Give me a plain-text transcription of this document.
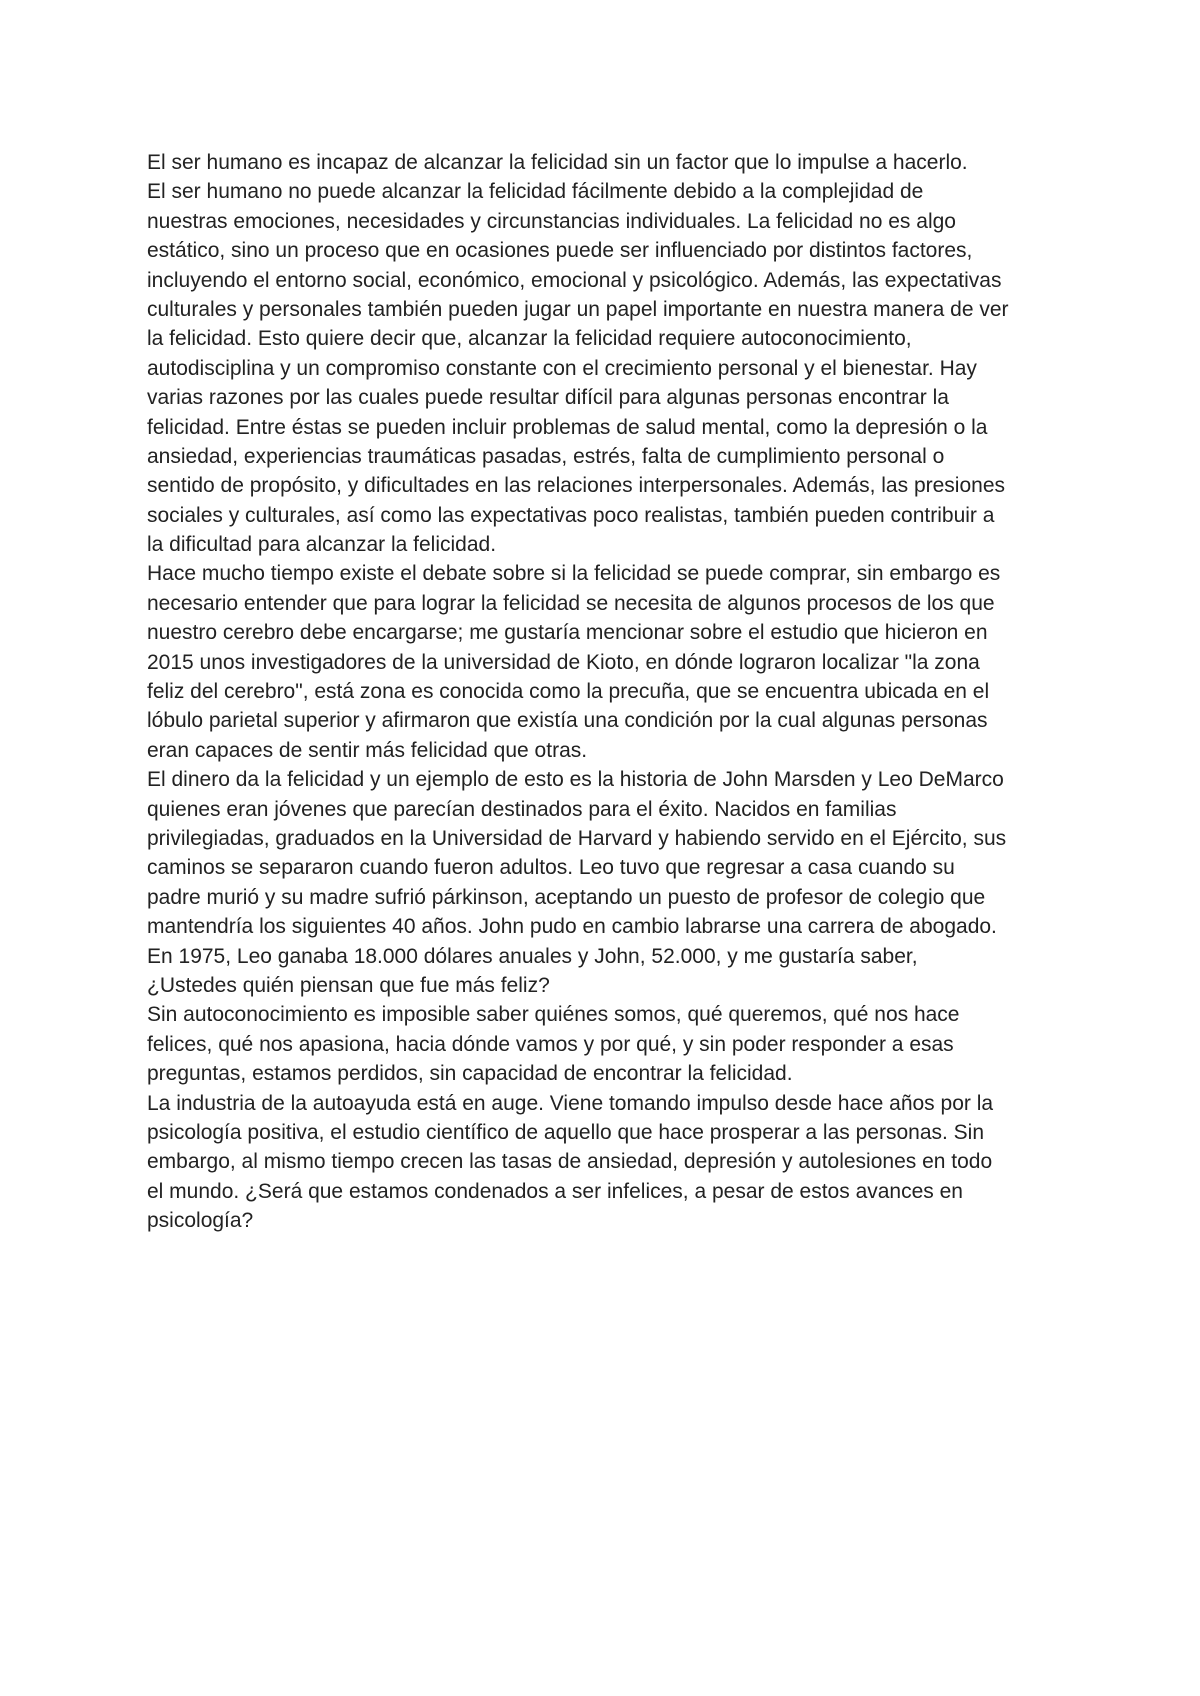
El ser humano es incapaz de alcanzar la felicidad sin un factor que lo impulse a hacerlo.
El ser humano no puede alcanzar la felicidad fácilmente debido a la complejidad de
nuestras emociones, necesidades y circunstancias individuales. La felicidad no es algo
estático, sino un proceso que en ocasiones puede ser influenciado por distintos factores,
incluyendo el entorno social, económico, emocional y psicológico. Además, las expectativas
culturales y personales también pueden jugar un papel importante en nuestra manera de ver
la felicidad. Esto quiere decir que, alcanzar la felicidad requiere autoconocimiento,
autodisciplina y un compromiso constante con el crecimiento personal y el bienestar. Hay
varias razones por las cuales puede resultar difícil para algunas personas encontrar la
felicidad. Entre éstas se pueden incluir problemas de salud mental, como la depresión o la
ansiedad, experiencias traumáticas pasadas, estrés, falta de cumplimiento personal o
sentido de propósito, y dificultades en las relaciones interpersonales. Además, las presiones
sociales y culturales, así como las expectativas poco realistas, también pueden contribuir a
la dificultad para alcanzar la felicidad.
Hace mucho tiempo existe el debate sobre si la felicidad se puede comprar, sin embargo es
necesario entender que para lograr la felicidad se necesita de algunos procesos de los que
nuestro cerebro debe encargarse; me gustaría mencionar sobre el estudio que hicieron en
2015 unos investigadores de la universidad de Kioto, en dónde lograron localizar "la zona
feliz del cerebro", está zona es conocida como la precuña, que se encuentra ubicada en el
lóbulo parietal superior y afirmaron que existía una condición por la cual algunas personas
eran capaces de sentir más felicidad que otras.
El dinero da la felicidad y un ejemplo de esto es la historia de John Marsden y Leo DeMarco
quienes eran jóvenes que parecían destinados para el éxito. Nacidos en familias
privilegiadas, graduados en la Universidad de Harvard y habiendo servido en el Ejército, sus
caminos se separaron cuando fueron adultos. Leo tuvo que regresar a casa cuando su
padre murió y su madre sufrió párkinson, aceptando un puesto de profesor de colegio que
mantendría los siguientes 40 años. John pudo en cambio labrarse una carrera de abogado.
En 1975, Leo ganaba 18.000 dólares anuales y John, 52.000, y me gustaría saber,
¿Ustedes quién piensan que fue más feliz?
Sin autoconocimiento es imposible saber quiénes somos, qué queremos, qué nos hace
felices, qué nos apasiona, hacia dónde vamos y por qué, y sin poder responder a esas
preguntas, estamos perdidos, sin capacidad de encontrar la felicidad.
La industria de la autoayuda está en auge. Viene tomando impulso desde hace años por la
psicología positiva, el estudio científico de aquello que hace prosperar a las personas. Sin
embargo, al mismo tiempo crecen las tasas de ansiedad, depresión y autolesiones en todo
el mundo. ¿Será que estamos condenados a ser infelices, a pesar de estos avances en
psicología?
